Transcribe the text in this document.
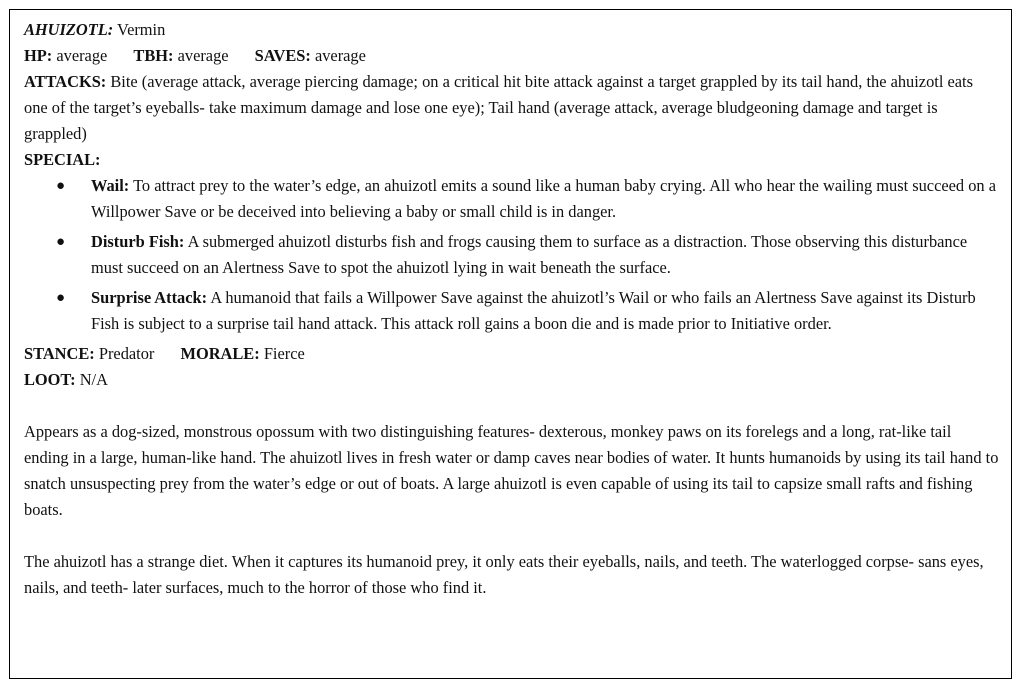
AHUIZOTL: Vermin
HP: average TBH: average SAVES: average
ATTACKS: Bite (average attack, average piercing damage; on a critical hit bite attack against a target grappled by its tail hand, the ahuizotl eats one of the target’s eyeballs- take maximum damage and lose one eye); Tail hand (average attack, average bludgeoning damage and target is grappled)
SPECIAL:
● Wail: To attract prey to the water’s edge, an ahuizotl emits a sound like a human baby crying. All who hear the wailing must succeed on a Willpower Save or be deceived into believing a baby or small child is in danger.
● Disturb Fish: A submerged ahuizotl disturbs fish and frogs causing them to surface as a distraction. Those observing this disturbance must succeed on an Alertness Save to spot the ahuizotl lying in wait beneath the surface.
● Surprise Attack: A humanoid that fails a Willpower Save against the ahuizotl’s Wail or who fails an Alertness Save against its Disturb Fish is subject to a surprise tail hand attack. This attack roll gains a boon die and is made prior to Initiative order.
STANCE: Predator MORALE: Fierce
LOOT: N/A
Appears as a dog-sized, monstrous opossum with two distinguishing features- dexterous, monkey paws on its forelegs and a long, rat-like tail ending in a large, human-like hand. The ahuizotl lives in fresh water or damp caves near bodies of water. It hunts humanoids by using its tail hand to snatch unsuspecting prey from the water’s edge or out of boats. A large ahuizotl is even capable of using its tail to capsize small rafts and fishing boats.
The ahuizotl has a strange diet. When it captures its humanoid prey, it only eats their eyeballs, nails, and teeth. The waterlogged corpse- sans eyes, nails, and teeth- later surfaces, much to the horror of those who find it.
